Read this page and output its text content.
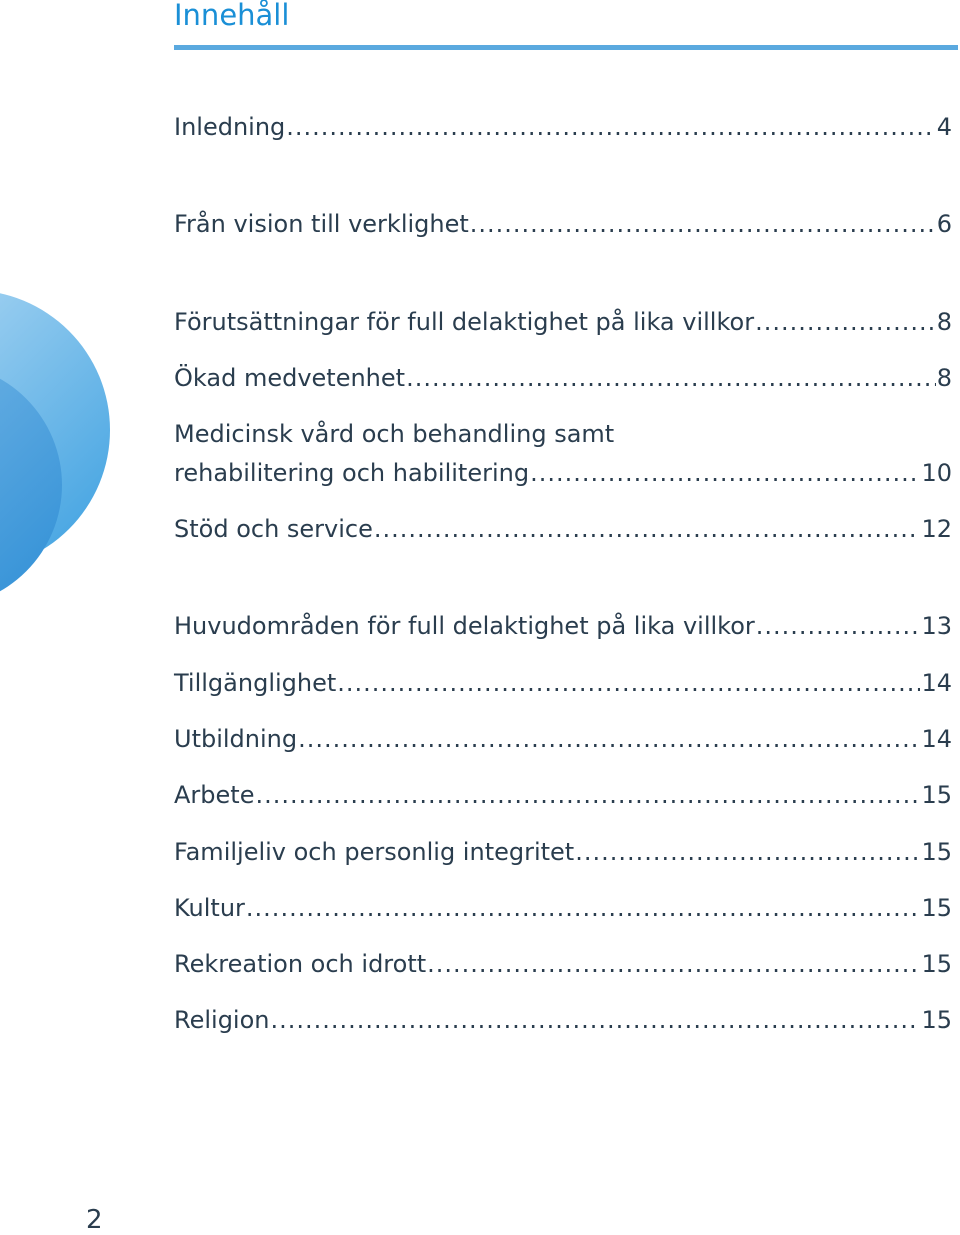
Innehåll
Inledning .....	4
Från vision till verklighet .....	6
Förutsättningar för full delaktighet på lika villkor .....	8
Ökad medvetenhet .....	8
Medicinsk vård och behandling samt
rehabilitering och habilitering .....	10
Stöd och service .....	12
Huvudområden för full delaktighet på lika villkor .....	13
Tillgänglighet .....	14
Utbildning .....	14
Arbete .....	15
Familjeliv och personlig integritet .....	15
Kultur .....	15
Rekreation och idrott .....	15
Religion .....	15
2
